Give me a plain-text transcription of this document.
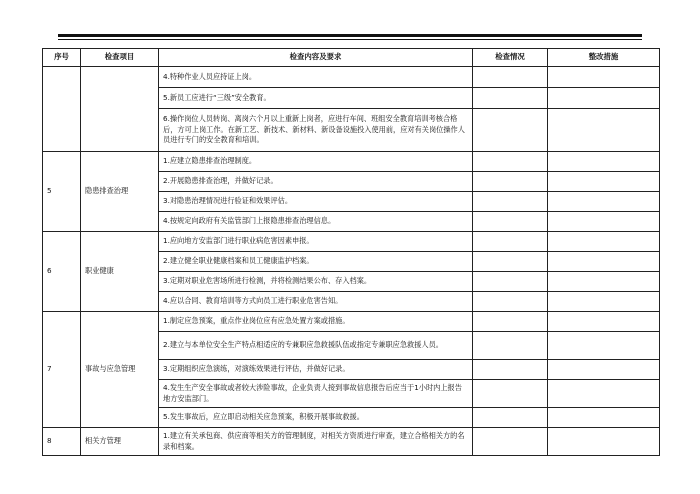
序号	检查项目	检查内容及要求	检查情况	整改措施
		4.特种作业人员应持证上岗。		
		5.新员工应进行“三级”安全教育。		
		6.操作岗位人员转岗、离岗六个月以上重新上岗者，应进行车间、班组安全教育培训考核合格后，方可上岗工作。在新工艺、新技术、新材料、新设备设施投入使用前，应对有关岗位操作人员进行专门的安全教育和培训。		
5	隐患排查治理	1.应建立隐患排查治理制度。		
		2.开展隐患排查治理，并做好记录。		
		3.对隐患治理情况进行验证和效果评估。		
		4.按规定向政府有关监管部门上报隐患排查治理信息。		
6	职业健康	1.应向地方安监部门进行职业病危害因素申报。		
		2.建立健全职业健康档案和员工健康监护档案。		
		3.定期对职业危害场所进行检测，并将检测结果公布、存入档案。		
		4.应以合同、教育培训等方式向员工进行职业危害告知。		
7	事故与应急管理	1.制定应急预案，重点作业岗位应有应急处置方案或措施。		
		2.建立与本单位安全生产特点相适应的专兼职应急救援队伍或指定专兼职应急救援人员。		
		3.定期组织应急演练，对演练效果进行评估，并做好记录。		
		4.发生生产安全事故或者较大涉险事故，企业负责人接到事故信息报告后应当于1小时内上报告地方安监部门。		
		5.发生事故后，应立即启动相关应急预案，积极开展事故救援。		
8	相关方管理	1.建立有关承包商、供应商等相关方的管理制度，对相关方资质进行审查，建立合格相关方的名录和档案。		
